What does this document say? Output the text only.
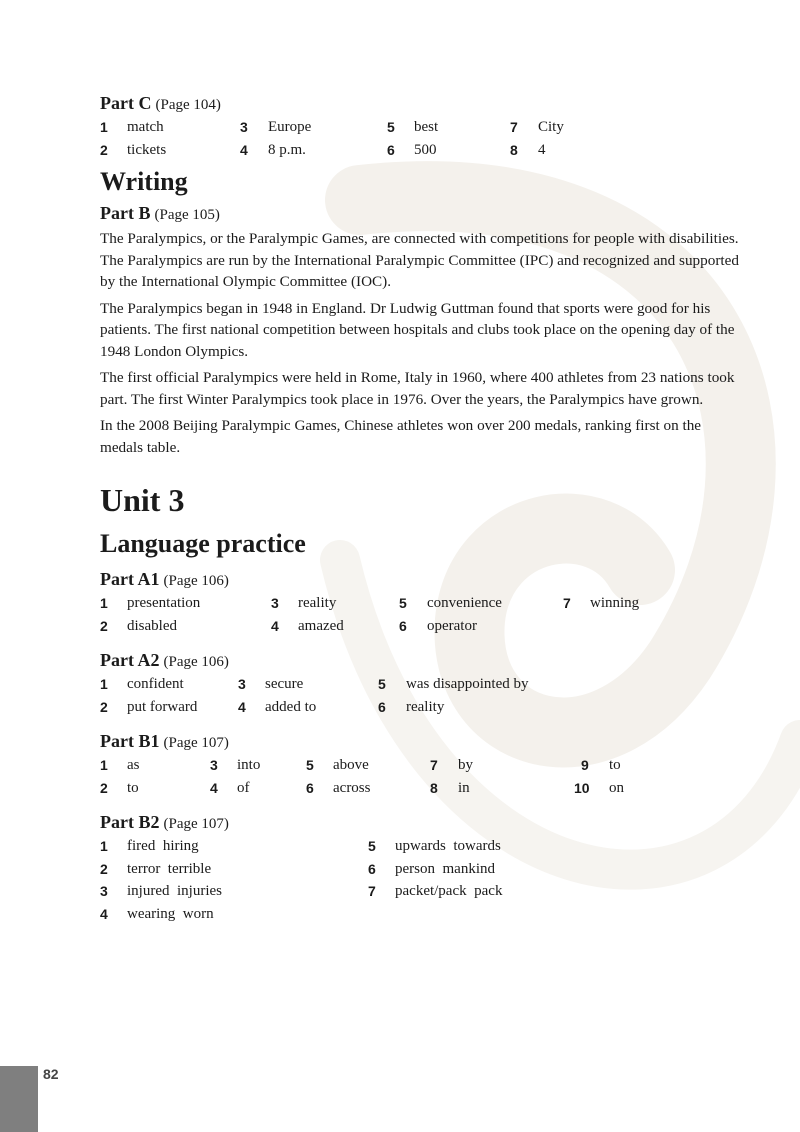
Part C (Page 104)
1	match	3	Europe	5	best	7	City
2	tickets	4	8 p.m.	6	500	8	4
Writing
Part B (Page 105)

The Paralympics, or the Paralympic Games, are connected with competitions for people with disabilities. The Paralympics are run by the International Paralympic Committee (IPC) and recognized and supported by the International Olympic Committee (IOC).

The Paralympics began in 1948 in England. Dr Ludwig Guttman found that sports were good for his patients. The first national competition between hospitals and clubs took place on the opening day of the 1948 London Olympics.

The first official Paralympics were held in Rome, Italy in 1960, where 400 athletes from 23 nations took part. The first Winter Paralympics took place in 1976. Over the years, the Paralympics have grown.

In the 2008 Beijing Paralympic Games, Chinese athletes won over 200 medals, ranking first on the medals table.

Unit 3
Language practice
Part A1 (Page 106)
1	presentation	3	reality	5	convenience	7	winning
2	disabled	4	amazed	6	operator
Part A2 (Page 106)
1	confident	3	secure	5	was disappointed by
2	put forward	4	added to	6	reality
Part B1 (Page 107)
1	as	3	into	5	above	7	by	9	to
2	to	4	of	6	across	8	in	10 on
Part B2 (Page 107)
1	fired  hiring	5	upwards  towards
2	terror  terrible	6	person  mankind
3	injured  injuries	7	packet/pack  pack
4	wearing  worn
82
